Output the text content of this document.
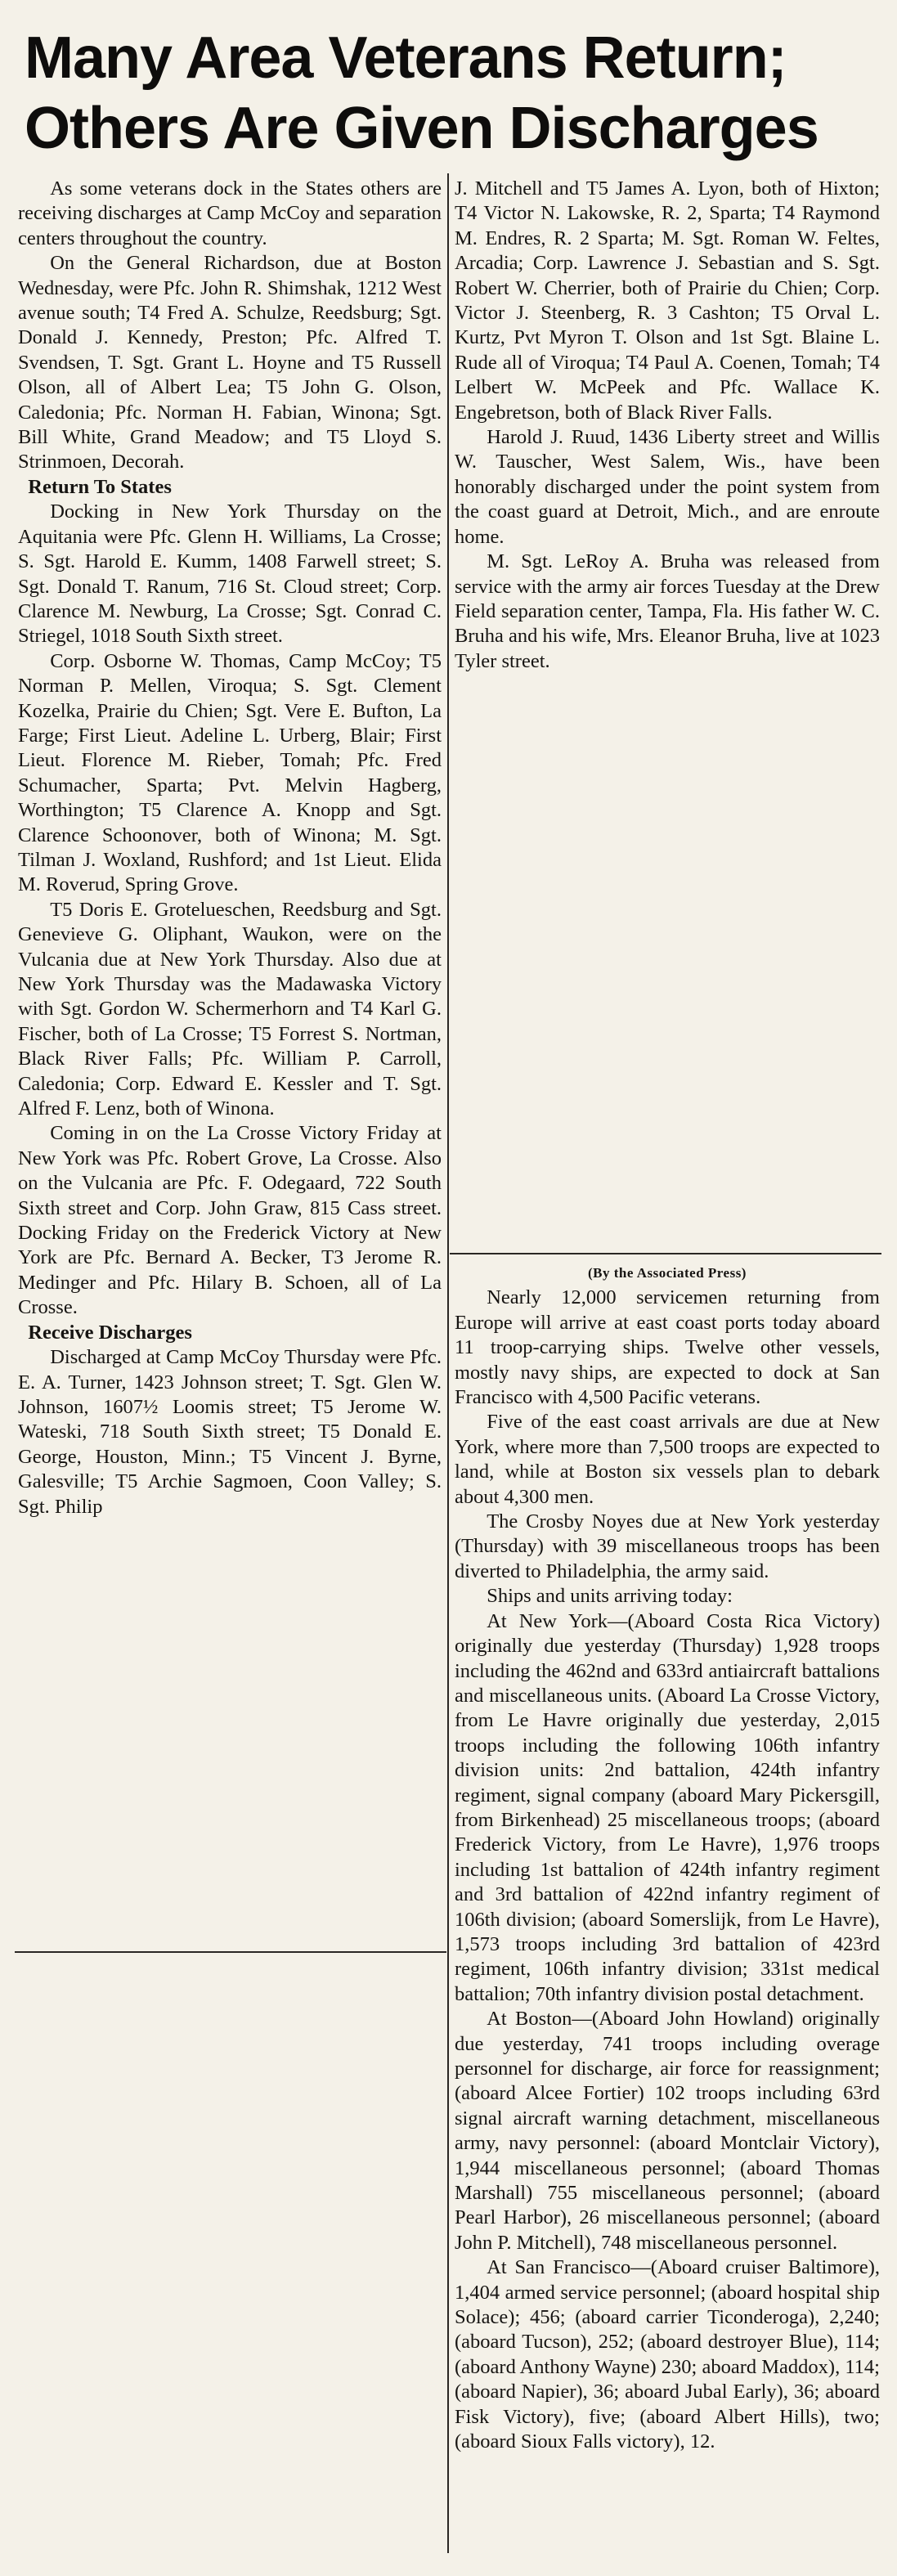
Many Area Veterans Return;
Others Are Given Discharges

As some veterans dock in the States others are receiving discharges at Camp McCoy and separation centers throughout the country.

On the General Richardson, due at Boston Wednesday, were Pfc. John R. Shimshak, 1212 West avenue south; T4 Fred A. Schulze, Reedsburg; Sgt. Donald J. Kennedy, Preston; Pfc. Alfred T. Svendsen, T. Sgt. Grant L. Hoyne and T5 Russell Olson, all of Albert Lea; T5 John G. Olson, Caledonia; Pfc. Norman H. Fabian, Winona; Sgt. Bill White, Grand Meadow; and T5 Lloyd S. Strinmoen, Decorah.

Return To States

Docking in New York Thursday on the Aquitania were Pfc. Glenn H. Williams, La Crosse; S. Sgt. Harold E. Kumm, 1408 Farwell street; S. Sgt. Donald T. Ranum, 716 St. Cloud street; Corp. Clarence M. Newburg, La Crosse; Sgt. Conrad C. Striegel, 1018 South Sixth street.

Corp. Osborne W. Thomas, Camp McCoy; T5 Norman P. Mellen, Viroqua; S. Sgt. Clement Kozelka, Prairie du Chien; Sgt. Vere E. Bufton, La Farge; First Lieut. Adeline L. Urberg, Blair; First Lieut. Florence M. Rieber, Tomah; Pfc. Fred Schumacher, Sparta; Pvt. Melvin Hagberg, Worthington; T5 Clarence A. Knopp and Sgt. Clarence Schoonover, both of Winona; M. Sgt. Tilman J. Woxland, Rushford; and 1st Lieut. Elida M. Roverud, Spring Grove.

T5 Doris E. Grotelueschen, Reedsburg and Sgt. Genevieve G. Oliphant, Waukon, were on the Vulcania due at New York Thursday. Also due at New York Thursday was the Madawaska Victory with Sgt. Gordon W. Schermerhorn and T4 Karl G. Fischer, both of La Crosse; T5 Forrest S. Nortman, Black River Falls; Pfc. William P. Carroll, Caledonia; Corp. Edward E. Kessler and T. Sgt. Alfred F. Lenz, both of Winona.

Coming in on the La Crosse Victory Friday at New York was Pfc. Robert Grove, La Crosse. Also on the Vulcania are Pfc. F. Odegaard, 722 South Sixth street and Corp. John Graw, 815 Cass street. Docking Friday on the Frederick Victory at New York are Pfc. Bernard A. Becker, T3 Jerome R. Medinger and Pfc. Hilary B. Schoen, all of La Crosse.

Receive Discharges

Discharged at Camp McCoy Thursday were Pfc. E. A. Turner, 1423 Johnson street; T. Sgt. Glen W. Johnson, 1607½ Loomis street; T5 Jerome W. Wateski, 718 South Sixth street; T5 Donald E. George, Houston, Minn.; T5 Vincent J. Byrne, Galesville; T5 Archie Sagmoen, Coon Valley; S. Sgt. Philip

J. Mitchell and T5 James A. Lyon, both of Hixton; T4 Victor N. Lakowske, R. 2, Sparta; T4 Raymond M. Endres, R. 2 Sparta; M. Sgt. Roman W. Feltes, Arcadia; Corp. Lawrence J. Sebastian and S. Sgt. Robert W. Cherrier, both of Prairie du Chien; Corp. Victor J. Steenberg, R. 3 Cashton; T5 Orval L. Kurtz, Pvt Myron T. Olson and 1st Sgt. Blaine L. Rude all of Viroqua; T4 Paul A. Coenen, Tomah; T4 Lelbert W. McPeek and Pfc. Wallace K. Engebretson, both of Black River Falls.

Harold J. Ruud, 1436 Liberty street and Willis W. Tauscher, West Salem, Wis., have been honorably discharged under the point system from the coast guard at Detroit, Mich., and are enroute home.

M. Sgt. LeRoy A. Bruha was released from service with the army air forces Tuesday at the Drew Field separation center, Tampa, Fla. His father W. C. Bruha and his wife, Mrs. Eleanor Bruha, live at 1023 Tyler street.

(By the Associated Press)

Nearly 12,000 servicemen returning from Europe will arrive at east coast ports today aboard 11 troop-carrying ships. Twelve other vessels, mostly navy ships, are expected to dock at San Francisco with 4,500 Pacific veterans.

Five of the east coast arrivals are due at New York, where more than 7,500 troops are expected to land, while at Boston six vessels plan to debark about 4,300 men.

The Crosby Noyes due at New York yesterday (Thursday) with 39 miscellaneous troops has been diverted to Philadelphia, the army said.

Ships and units arriving today:

At New York—(Aboard Costa Rica Victory) originally due yesterday (Thursday) 1,928 troops including the 462nd and 633rd antiaircraft battalions and miscellaneous units. (Aboard La Crosse Victory, from Le Havre originally due yesterday, 2,015 troops including the following 106th infantry division units: 2nd battalion, 424th infantry regiment, signal company (aboard Mary Pickersgill, from Birkenhead) 25 miscellaneous troops; (aboard Frederick Victory, from Le Havre), 1,976 troops including 1st battalion of 424th infantry regiment and 3rd battalion of 422nd infantry regiment of 106th division; (aboard Somerslijk, from Le Havre), 1,573 troops including 3rd battalion of 423rd regiment, 106th infantry division; 331st medical battalion; 70th infantry division postal detachment.

At Boston—(Aboard John Howland) originally due yesterday, 741 troops including overage personnel for discharge, air force for reassignment; (aboard Alcee Fortier) 102 troops including 63rd signal aircraft warning detachment, miscellaneous army, navy personnel: (aboard Montclair Victory), 1,944 miscellaneous personnel; (aboard Thomas Marshall) 755 miscellaneous personnel; (aboard Pearl Harbor), 26 miscellaneous personnel; (aboard John P. Mitchell), 748 miscellaneous personnel.

At San Francisco—(Aboard cruiser Baltimore), 1,404 armed service personnel; (aboard hospital ship Solace); 456; (aboard carrier Ticonderoga), 2,240; (aboard Tucson), 252; (aboard destroyer Blue), 114; (aboard Anthony Wayne) 230; aboard Maddox), 114; (aboard Napier), 36; aboard Jubal Early), 36; aboard Fisk Victory), five; (aboard Albert Hills), two; (aboard Sioux Falls victory), 12.
